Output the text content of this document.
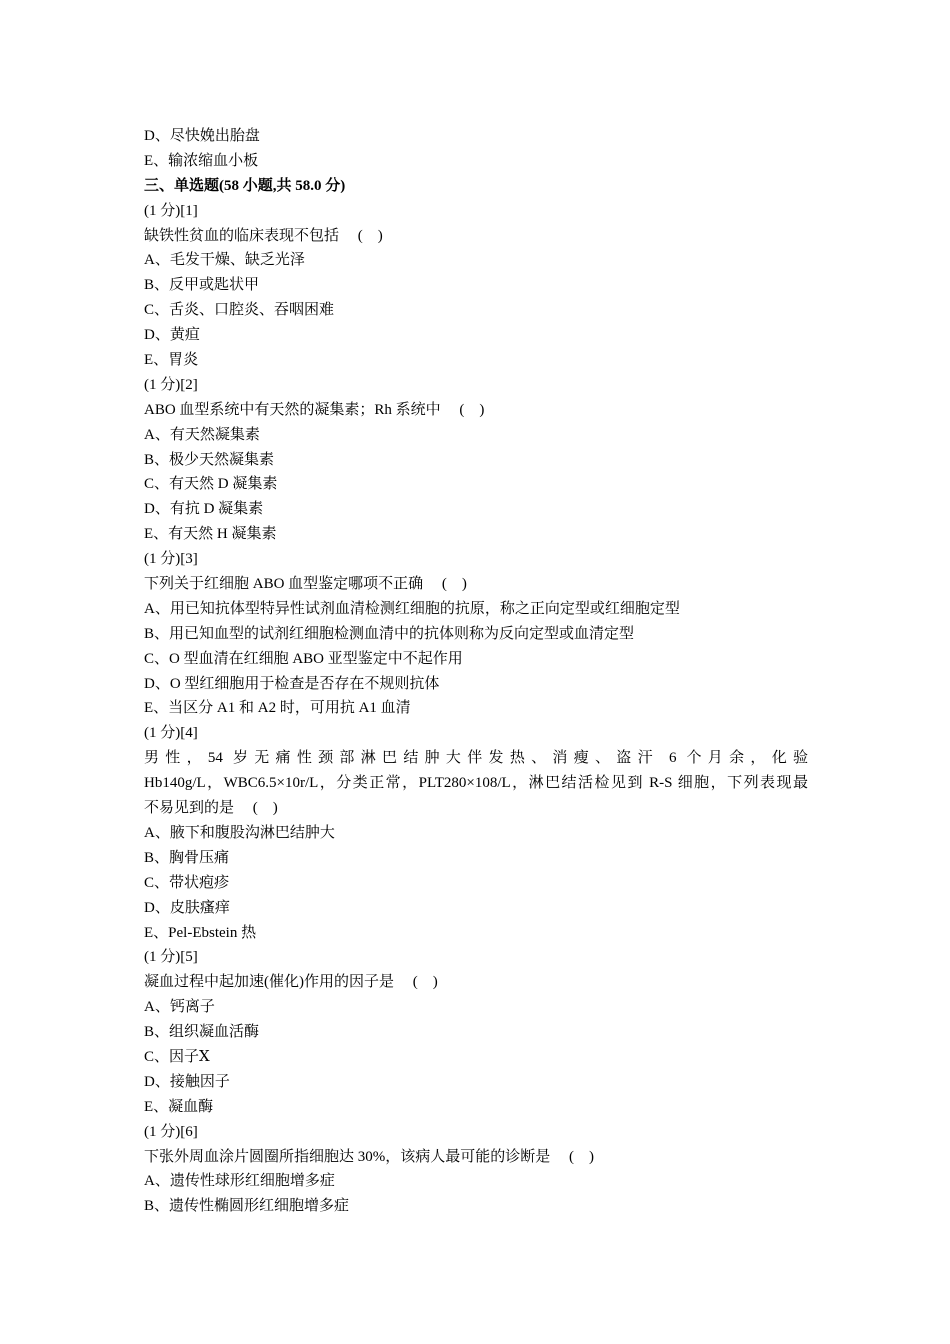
D、尽快娩出胎盘
E、输浓缩血小板
三、单选题(58 小题,共 58.0 分)
(1 分)[1]
缺铁性贫血的临床表现不包括　 (　)
A、毛发干燥、缺乏光泽
B、反甲或匙状甲
C、舌炎、口腔炎、吞咽困难
D、黄疸
E、胃炎
(1 分)[2]
ABO 血型系统中有天然的凝集素；Rh 系统中　 (　)
A、有天然凝集素
B、极少天然凝集素
C、有天然 D 凝集素
D、有抗 D 凝集素
E、有天然 H 凝集素
(1 分)[3]
下列关于红细胞 ABO 血型鉴定哪项不正确　 (　)
A、用已知抗体型特异性试剂血清检测红细胞的抗原，称之正向定型或红细胞定型
B、用已知血型的试剂红细胞检测血清中的抗体则称为反向定型或血清定型
C、O 型血清在红细胞 ABO 亚型鉴定中不起作用
D、O 型红细胞用于检查是否存在不规则抗体
E、当区分 A1 和 A2 时，可用抗 A1 血清
(1 分)[4]
男性，54 岁无痛性颈部淋巴结肿大伴发热、消瘦、盗汗 6 个月余，化验
Hb140g/L，WBC6.5×10r/L，分类正常，PLT280×108/L，淋巴结活检见到 R-S 细胞，下列表现最
不易见到的是　 (　)
A、腋下和腹股沟淋巴结肿大
B、胸骨压痛
C、带状疱疹
D、皮肤瘙痒
E、Pel-Ebstein 热
(1 分)[5]
凝血过程中起加速(催化)作用的因子是　 (　)
A、钙离子
B、组织凝血活酶
C、因子Ⅹ
D、接触因子
E、凝血酶
(1 分)[6]
下张外周血涂片圆圈所指细胞达 30%，该病人最可能的诊断是　 (　)
A、遗传性球形红细胞增多症
B、遗传性椭圆形红细胞增多症
